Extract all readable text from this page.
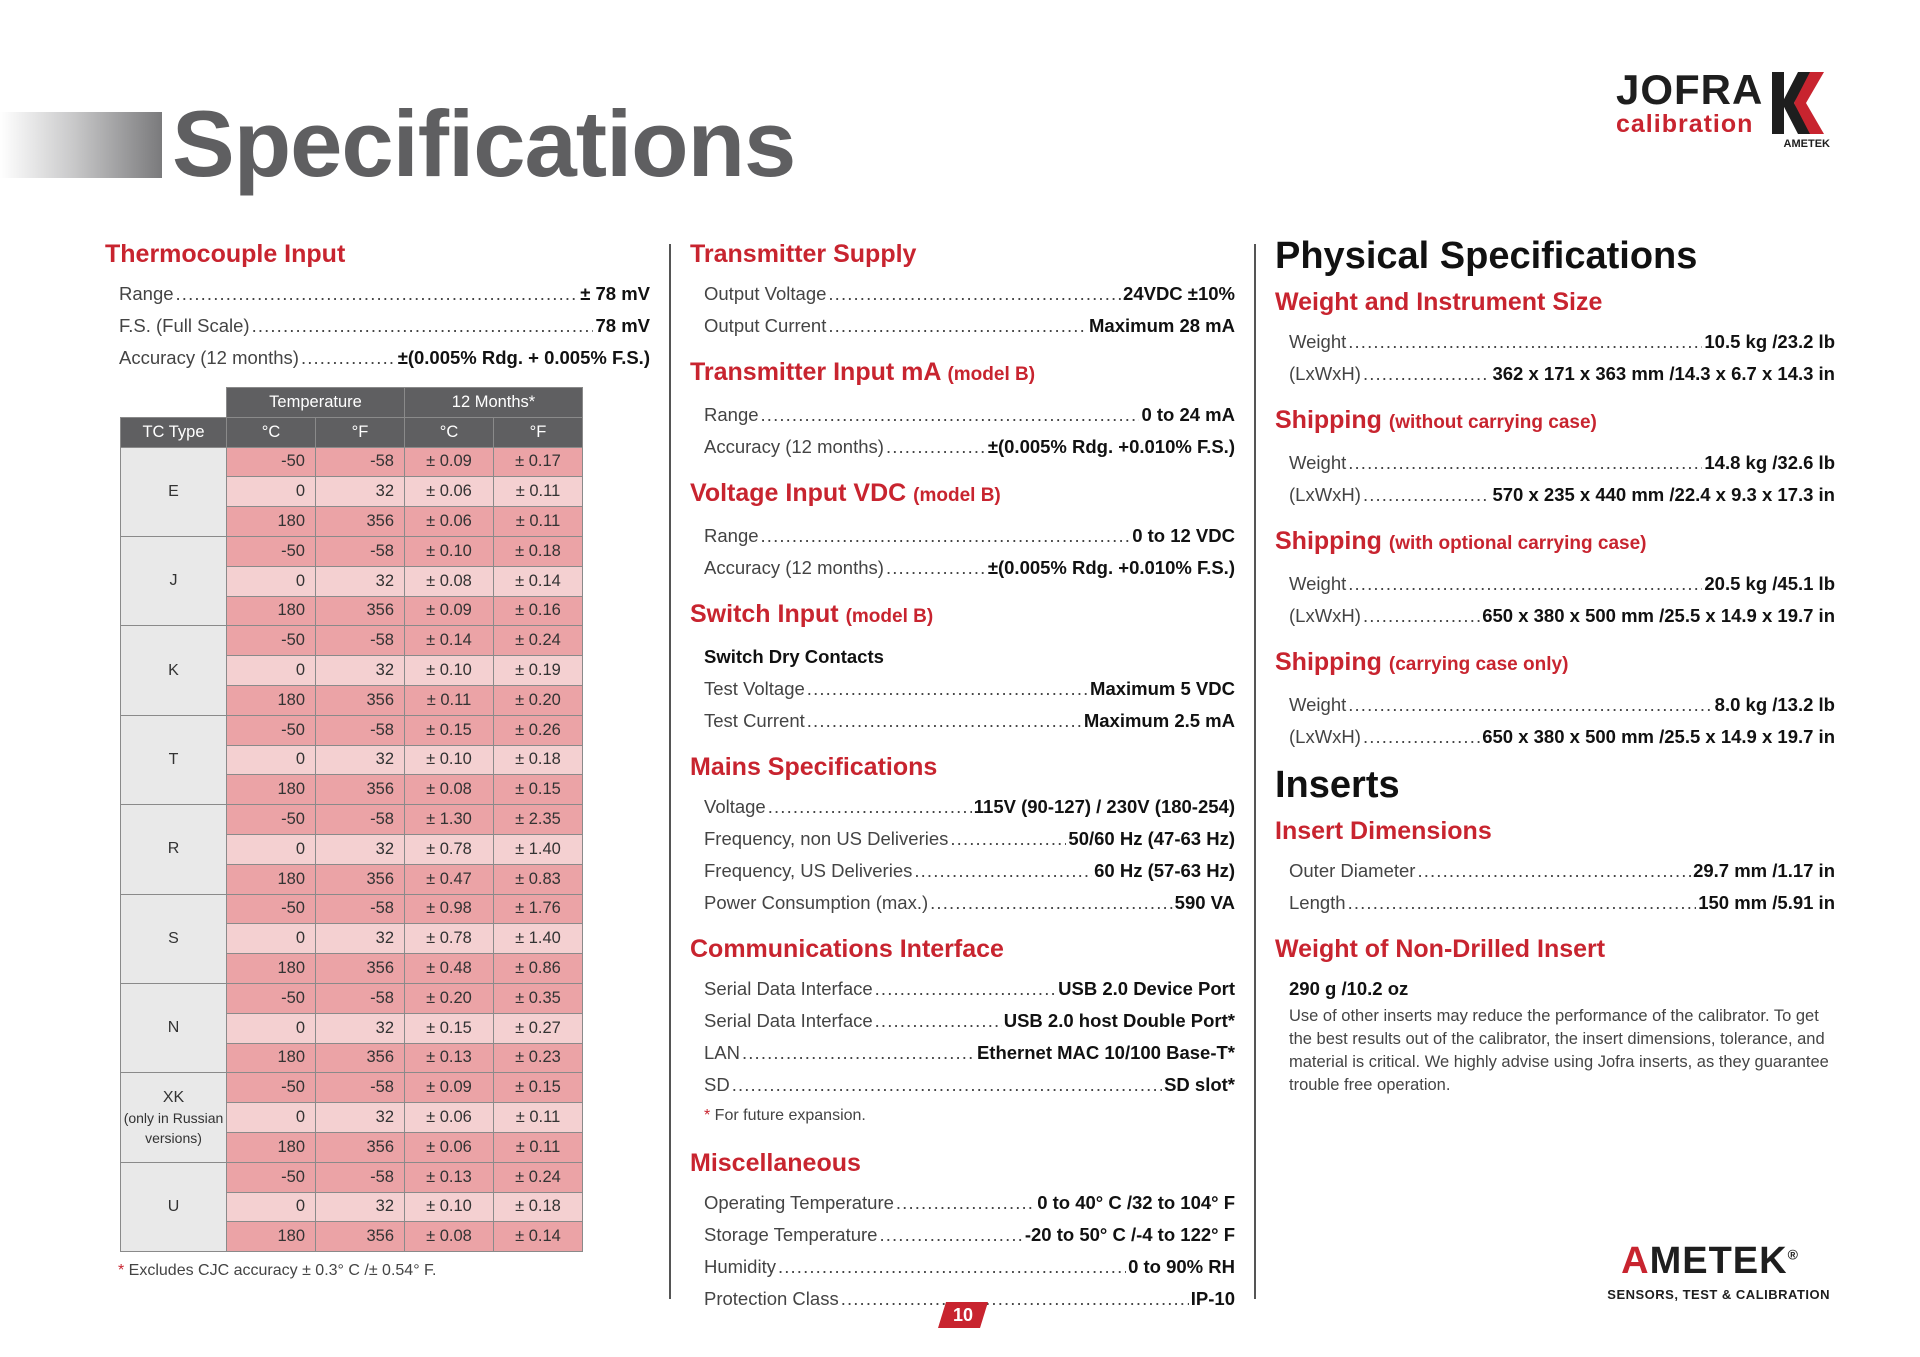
Specifications
JOFRA
calibration
AMETEK
Thermocouple Input
Range . . .	± 78 mV
F.S. (Full Scale) . . .	78 mV
Accuracy (12 months) . . .	±(0.005% Rdg. + 0.005% F.S.)
	Temperature		12 Months*	
TC Type	°C	°F	°C	°F

E	-50	-58	± 0.09	± 0.17
	0	32	± 0.06	± 0.11
	180	356	± 0.06	± 0.11

J	-50	-58	± 0.10	± 0.18
	0	32	± 0.08	± 0.14
	180	356	± 0.09	± 0.16

K	-50	-58	± 0.14	± 0.24
	0	32	± 0.10	± 0.19
	180	356	± 0.11	± 0.20

T	-50	-58	± 0.15	± 0.26
	0	32	± 0.10	± 0.18
	180	356	± 0.08	± 0.15

R	-50	-58	± 1.30	± 2.35
	0	32	± 0.78	± 1.40
	180	356	± 0.47	± 0.83

S	-50	-58	± 0.98	± 1.76
	0	32	± 0.78	± 1.40
	180	356	± 0.48	± 0.86

N	-50	-58	± 0.20	± 0.35
	0	32	± 0.15	± 0.27
	180	356	± 0.13	± 0.23

XK
(only in Russian versions)	-50	-58	± 0.09	± 0.15
	0	32	± 0.06	± 0.11
	180	356	± 0.06	± 0.11

U	-50	-58	± 0.13	± 0.24
	0	32	± 0.10	± 0.18
	180	356	± 0.08	± 0.14
* Excludes CJC accuracy ± 0.3° C /± 0.54° F.
Transmitter Supply
Output Voltage . . .	24VDC ±10%
Output Current . . .	Maximum 28 mA
Transmitter Input mA (model B)
Range . . .	0 to 24 mA
Accuracy (12 months) . . .	±(0.005% Rdg. +0.010% F.S.)
Voltage Input VDC (model B)
Range . . .	0 to 12 VDC
Accuracy (12 months) . . .	±(0.005% Rdg. +0.010% F.S.)
Switch Input (model B)
Switch Dry Contacts
Test Voltage . . .	Maximum 5 VDC
Test Current . . .	Maximum 2.5 mA
Mains Specifications
Voltage . . .	115V (90-127) / 230V (180-254)
Frequency, non US Deliveries . . .	50/60 Hz (47-63 Hz)
Frequency, US Deliveries . . .	60 Hz (57-63 Hz)
Power Consumption (max.) . . .	590 VA
Communications Interface
Serial Data Interface . . .	USB 2.0 Device Port
Serial Data Interface . . .	USB 2.0 host Double Port*
LAN . . .	Ethernet MAC 10/100 Base-T*
SD . . .	SD slot*
* For future expansion.
Miscellaneous
Operating Temperature . . .	0 to 40° C /32 to 104° F
Storage Temperature . . .	-20 to 50° C /-4 to 122° F
Humidity . . .	0 to 90% RH
Protection Class . . .	IP-10
Physical Specifications
Weight and Instrument Size
Weight . . .	10.5 kg /23.2 lb
(LxWxH) . . .	362 x 171 x 363 mm /14.3 x 6.7 x 14.3 in
Shipping (without carrying case)
Weight . . .	14.8 kg /32.6 lb
(LxWxH) . . .	570 x 235 x 440 mm /22.4 x 9.3 x 17.3 in
Shipping (with optional carrying case)
Weight . . .	20.5 kg /45.1 lb
(LxWxH) . . .	650 x 380 x 500 mm /25.5 x 14.9 x 19.7 in
Shipping (carrying case only)
Weight . . .	8.0 kg /13.2 lb
(LxWxH) . . .	650 x 380 x 500 mm /25.5 x 14.9 x 19.7 in
Inserts
Insert Dimensions
Outer Diameter . . .	29.7 mm /1.17 in
Length . . .	150 mm /5.91 in
Weight of Non-Drilled Insert
290 g /10.2 oz
Use of other inserts may reduce the performance of the calibrator. To get the best results out of the calibrator, the insert dimensions, tolerance, and material is critical. We highly advise using Jofra inserts, as they guarantee trouble free operation.
10
AMETEK®
SENSORS, TEST & CALIBRATION
